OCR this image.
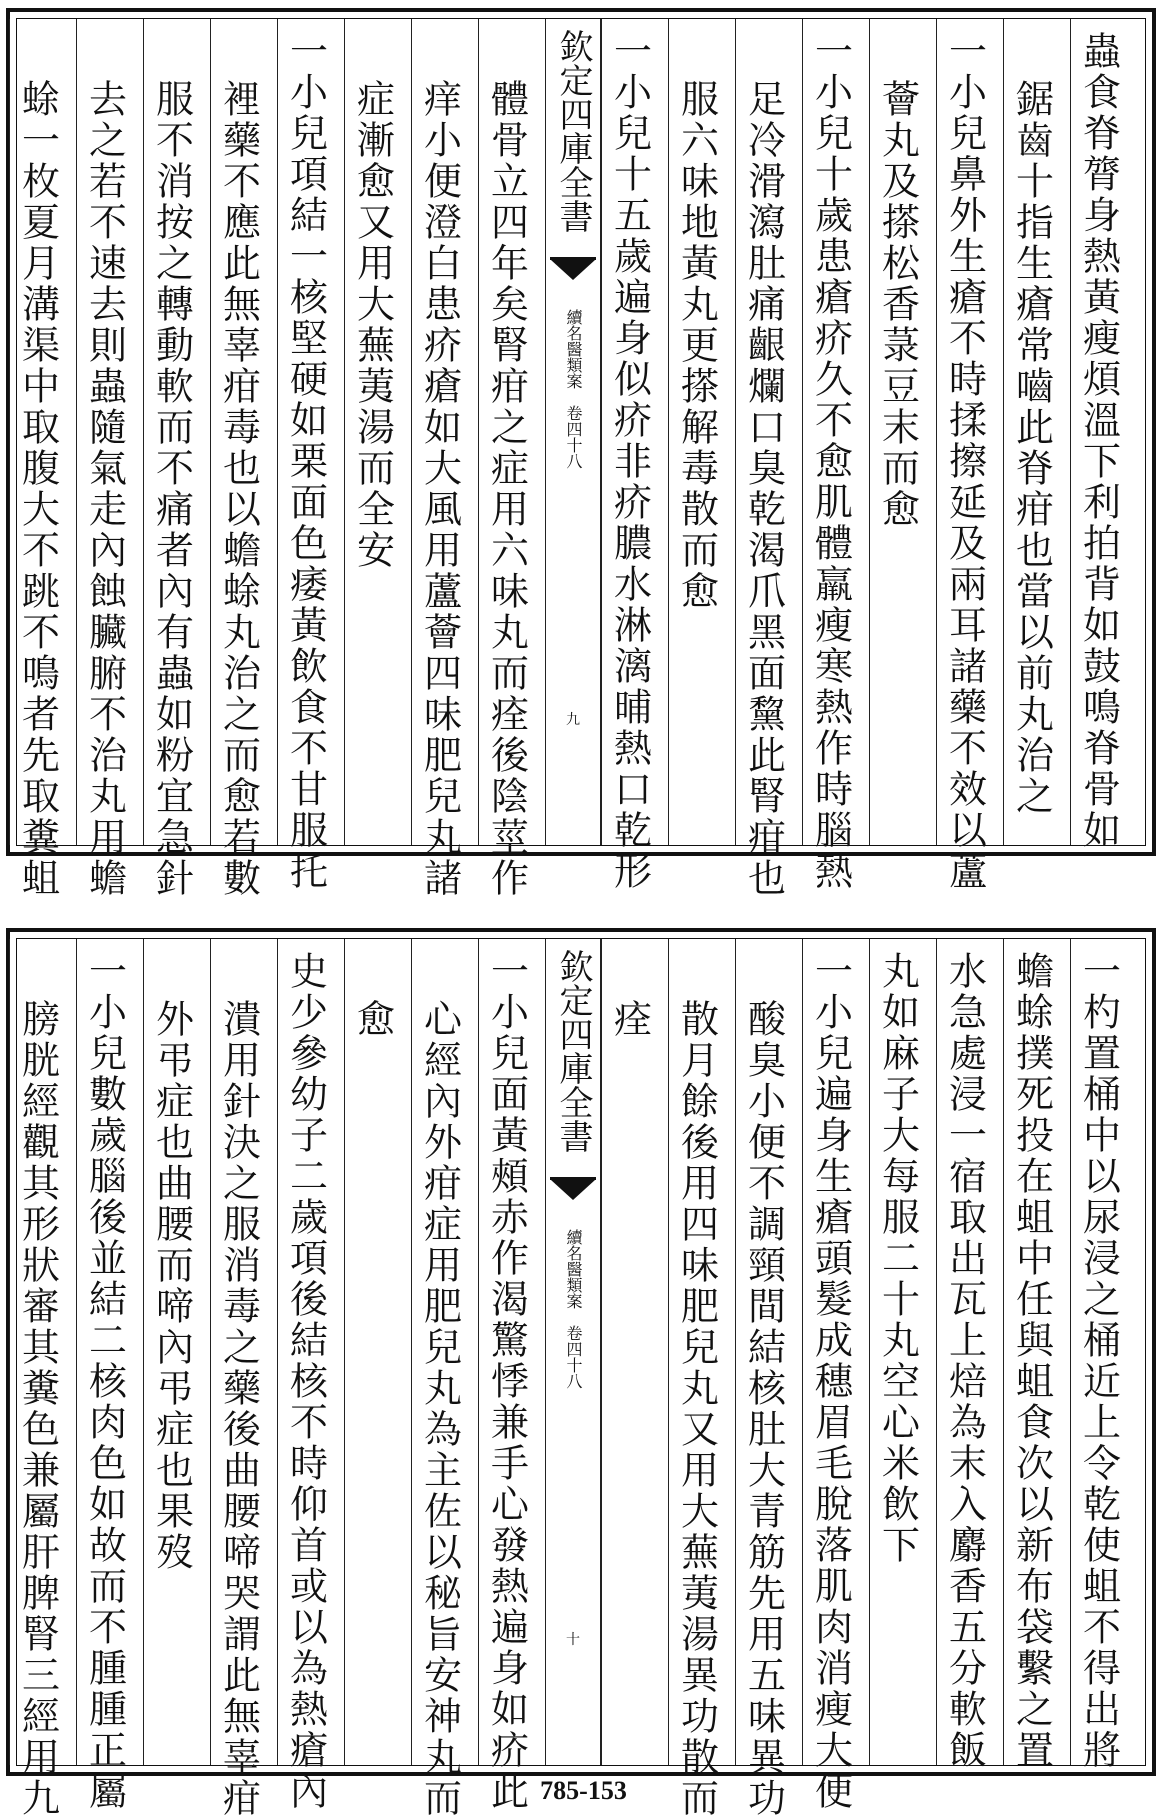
蟲食脊膂身熱黃瘦煩溫下利拍背如鼓鳴脊骨如
鋸齒十指生瘡常嚙此脊疳也當以前丸治之
一小兒鼻外生瘡不時揉擦延及兩耳諸藥不效以蘆
薈丸及搽松香菉豆末而愈
一小兒十歲患瘡疥久不愈肌體羸瘦寒熱作時腦熱
足冷滑瀉肚痛齦爛口臭乾渴爪黑面黧此腎疳也
服六味地黃丸更搽解毒散而愈
一小兒十五歲遍身似疥非疥膿水淋漓晡熱口乾形
欽定四庫全書
續名醫類案　卷四十八
九
體骨立四年矣腎疳之症用六味丸而痊後陰莖作
痒小便澄白患疥瘡如大風用蘆薈四味肥兒丸諸
症漸愈又用大蕪荑湯而全安
一小兒項結一核堅硬如栗面色痿黃飲食不甘服托
裡藥不應此無辜疳毒也以蟾蜍丸治之而愈若數
服不消按之轉動軟而不痛者內有蟲如粉宜急針
去之若不速去則蟲隨氣走內蝕臟腑不治丸用蟾
蜍一枚夏月溝渠中取腹大不跳不鳴者先取糞蛆
一杓置桶中以尿浸之桶近上令乾使蛆不得出將
蟾蜍撲死投在蛆中任與蛆食次以新布袋繫之置
水急處浸一宿取出瓦上焙為末入麝香五分軟飯
丸如麻子大每服二十丸空心米飲下
一小兒遍身生瘡頭髮成穗眉毛脫落肌肉消瘦大便
酸臭小便不調頸間結核肚大青筋先用五味異功
散月餘後用四味肥兒丸又用大蕪荑湯異功散而
痊
欽定四庫全書
續名醫類案　卷四十八
十
一小兒面黃頰赤作渴驚悸兼手心發熱遍身如疥此
心經內外疳症用肥兒丸為主佐以秘旨安神丸而
愈
史少參幼子二歲項後結核不時仰首或以為熱瘡內
潰用針決之服消毒之藥後曲腰啼哭謂此無辜疳
外弔症也曲腰而啼內弔症也果歿
一小兒數歲腦後並結二核肉色如故而不腫腫正屬
膀胱經觀其形狀審其糞色兼屬肝脾腎三經用九	785-153
